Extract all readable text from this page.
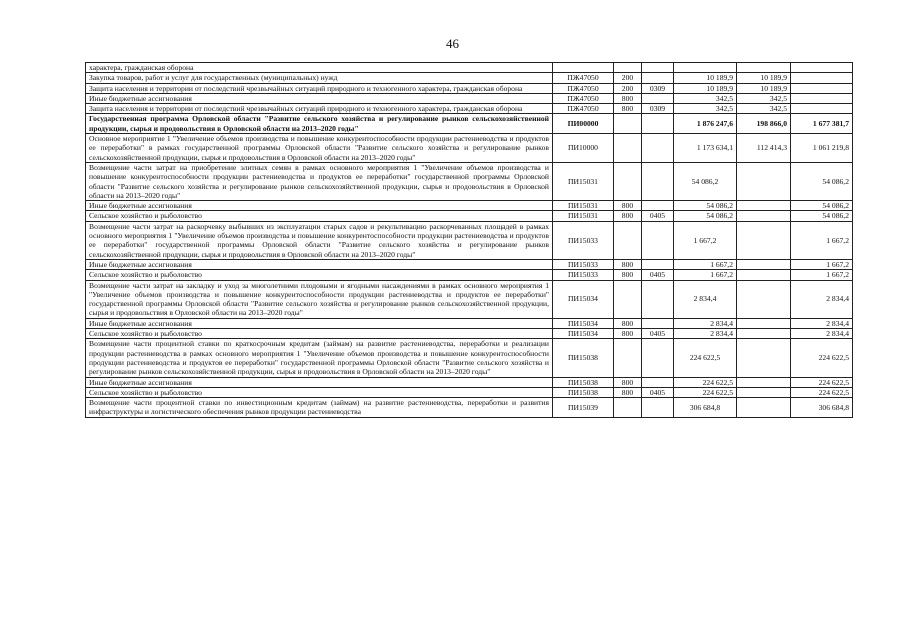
46
характера, гражданская оборона						
Закупка товаров, работ и услуг для государственных (муниципальных) нужд	ПЖ47050	200		10 189,9	10 189,9	
Защита населения и территории от последствий чрезвычайных ситуаций природного и техногенного характера, гражданская оборона	ПЖ47050	200	0309	10 189,9	10 189,9	
Иные бюджетные ассигнования	ПЖ47050	800		342,5	342,5	
Защита населения и территории от последствий чрезвычайных ситуаций природного и техногенного характера, гражданская оборона	ПЖ47050	800	0309	342,5	342,5	
Государственная программа Орловской области "Развитие сельского хозяйства и регулирование рынков сельскохозяйственной продукции, сырья и продовольствия в Орловской области на 2013–2020 годы"	ПИ00000			1 876 247,6	198 866,0	1 677 381,7
Основное мероприятие 1 "Увеличение объемов производства и повышение конкурентоспособности продукции растениеводства и продуктов ее переработки" в рамках государственной программы Орловской области "Развитие сельского хозяйства и регулирование рынков сельскохозяйственной продукции, сырья и продовольствия в Орловской области на 2013–2020 годы"	ПИ10000			1 173 634,1	112 414,3	1 061 219,8
Возмещение части затрат на приобретение элитных семян в рамках основного мероприятия 1 "Увеличение объемов производства и повышение конкурентоспособности продукции растениеводства и продуктов ее переработки" государственной программы Орловской области "Развитие сельского хозяйства и регулирование рынков сельскохозяйственной продукции, сырья и продовольствия в Орловской области на 2013–2020 годы"	ПИ15031			54 086,2		54 086,2
Иные бюджетные ассигнования	ПИ15031	800		54 086,2		54 086,2
Сельское хозяйство и рыболовство	ПИ15031	800	0405	54 086,2		54 086,2
Возмещение части затрат на раскорчевку выбывших из эксплуатации старых садов и рекультивацию раскорчеванных площадей в рамках основного мероприятия 1 "Увеличение объемов производства и повышение конкурентоспособности продукции растениеводства и продуктов ее переработки" государственной программы Орловской области "Развитие сельского хозяйства и регулирование рынков сельскохозяйственной продукции, сырья и продовольствия в Орловской области на 2013–2020 годы"	ПИ15033			1 667,2		1 667,2
Иные бюджетные ассигнования	ПИ15033	800		1 667,2		1 667,2
Сельское хозяйство и рыболовство	ПИ15033	800	0405	1 667,2		1 667,2
Возмещение части затрат на закладку и уход за многолетними плодовыми и ягодными насаждениями в рамках основного мероприятия 1 "Увеличение объемов производства и повышение конкурентоспособности продукции растениеводства и продуктов ее переработки" государственной программы Орловской области "Развитие сельского хозяйства и регулирование рынков сельскохозяйственной продукции, сырья и продовольствия в Орловской области на 2013–2020 годы"	ПИ15034			2 834,4		2 834,4
Иные бюджетные ассигнования	ПИ15034	800		2 834,4		2 834,4
Сельское хозяйство и рыболовство	ПИ15034	800	0405	2 834,4		2 834,4
Возмещение части процентной ставки по краткосрочным кредитам (займам) на развитие растениеводства, переработки и реализации продукции растениеводства в рамках основного мероприятия 1 "Увеличение объемов производства и повышение конкурентоспособности продукции растениеводства и продуктов ее переработки" государственной программы Орловской области "Развитие сельского хозяйства и регулирование рынков сельскохозяйственной продукции, сырья и продовольствия в Орловской области на 2013–2020 годы"	ПИ15038			224 622,5		224 622,5
Иные бюджетные ассигнования	ПИ15038	800		224 622,5		224 622,5
Сельское хозяйство и рыболовство	ПИ15038	800	0405	224 622,5		224 622,5
Возмещение части процентной ставки по инвестиционным кредитам (займам) на развитие растениеводства, переработки и развития инфраструктуры и логистического обеспечения рынков продукции растениеводства	ПИ15039			306 684,8		306 684,8
